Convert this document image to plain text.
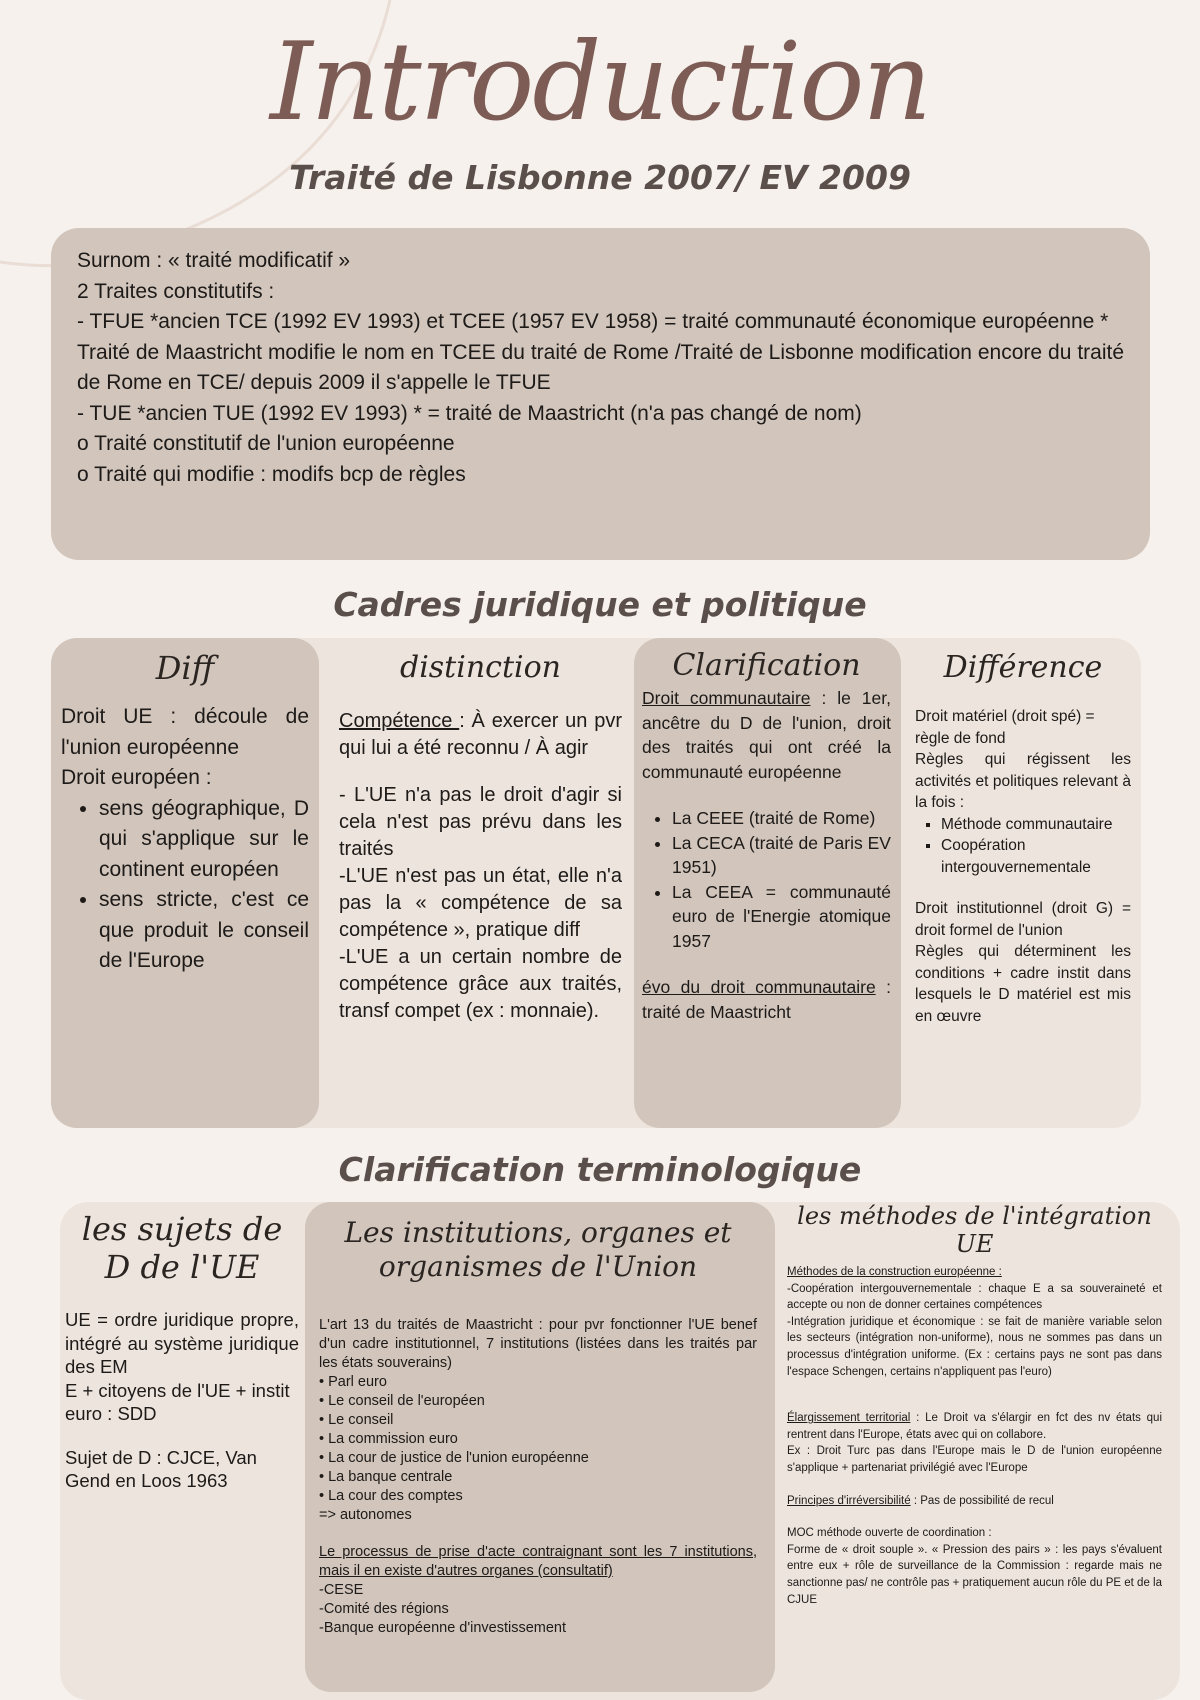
Introduction
Traité de Lisbonne 2007/ EV 2009

Surnom : « traité modificatif »

2 Traites constitutifs :

- TFUE *ancien TCE (1992 EV 1993) et TCEE (1957 EV 1958) = traité communauté économique européenne *

Traité de Maastricht modifie le nom en TCEE du traité de Rome /Traité de Lisbonne modification encore du traité de Rome en TCE/ depuis 2009 il s'appelle le TFUE

- TUE *ancien TUE (1992 EV 1993) * = traité de Maastricht (n'a pas changé de nom)

o Traité constitutif de l'union européenne

o Traité qui modifie : modifs bcp de règles

Cadres juridique et politique
Diff
Droit UE : découle de l'union européenne
Droit européen :
• sens géographique, D qui s'applique sur le continent européen
• sens stricte, c'est ce que produit le conseil de l'Europe
distinction
Compétence : À exercer un pvr qui lui a été reconnu / À agir
- L'UE n'a pas le droit d'agir si cela n'est pas prévu dans les traités
-L'UE n'est pas un état, elle n'a pas la « compétence de sa compétence », pratique diff
-L'UE a un certain nombre de compétence grâce aux traités, transf compet (ex : monnaie).
Clarification
Droit communautaire : le 1er, ancêtre du D de l'union, droit des traités qui ont créé la communauté européenne
• La CEEE (traité de Rome)
• La CECA (traité de Paris EV 1951)
• La CEEA = communauté euro de l'Energie atomique 1957
évo du droit communautaire : traité de Maastricht
Différence
Droit matériel (droit spé) = règle de fond
Règles qui régissent les activités et politiques relevant à la fois :
▪ Méthode communautaire
▪ Coopération intergouvernementale
Droit institutionnel (droit G) = droit formel de l'union
Règles qui déterminent les conditions + cadre instit dans lesquels le D matériel est mis en œuvre
Clarification terminologique
les sujets de D de l'UE
UE = ordre juridique propre, intégré au système juridique des EM
E + citoyens de l'UE + instit euro : SDD
Sujet de D : CJCE, Van Gend en Loos 1963
Les institutions, organes et organismes de l'Union
L'art 13 du traités de Maastricht : pour pvr fonctionner l'UE benef d'un cadre institutionnel, 7 institutions (listées dans les traités par les états souverains)
• Parl euro
• Le conseil de l'européen
• Le conseil
• La commission euro
• La cour de justice de l'union européenne
• La banque centrale
• La cour des comptes
=> autonomes
Le processus de prise d'acte contraignant sont les 7 institutions, mais il en existe d'autres organes (consultatif)
-CESE
-Comité des régions
-Banque européenne d'investissement
les méthodes de l'intégration UE
Méthodes de la construction européenne :
-Coopération intergouvernementale : chaque E a sa souveraineté et accepte ou non de donner certaines compétences
-Intégration juridique et économique : se fait de manière variable selon les secteurs (intégration non-uniforme), nous ne sommes pas dans un processus d'intégration uniforme. (Ex : certains pays ne sont pas dans l'espace Schengen, certains n'appliquent pas l'euro)
Élargissement territorial : Le Droit va s'élargir en fct des nv états qui rentrent dans l'Europe, états avec qui on collabore.
Ex : Droit Turc pas dans l'Europe mais le D de l'union européenne s'applique + partenariat privilégié avec l'Europe
Principes d'irréversibilité : Pas de possibilité de recul
MOC méthode ouverte de coordination :
Forme de « droit souple ». « Pression des pairs » : les pays s'évaluent entre eux + rôle de surveillance de la Commission : regarde mais ne sanctionne pas/ ne contrôle pas + pratiquement aucun rôle du PE et de la CJUE
